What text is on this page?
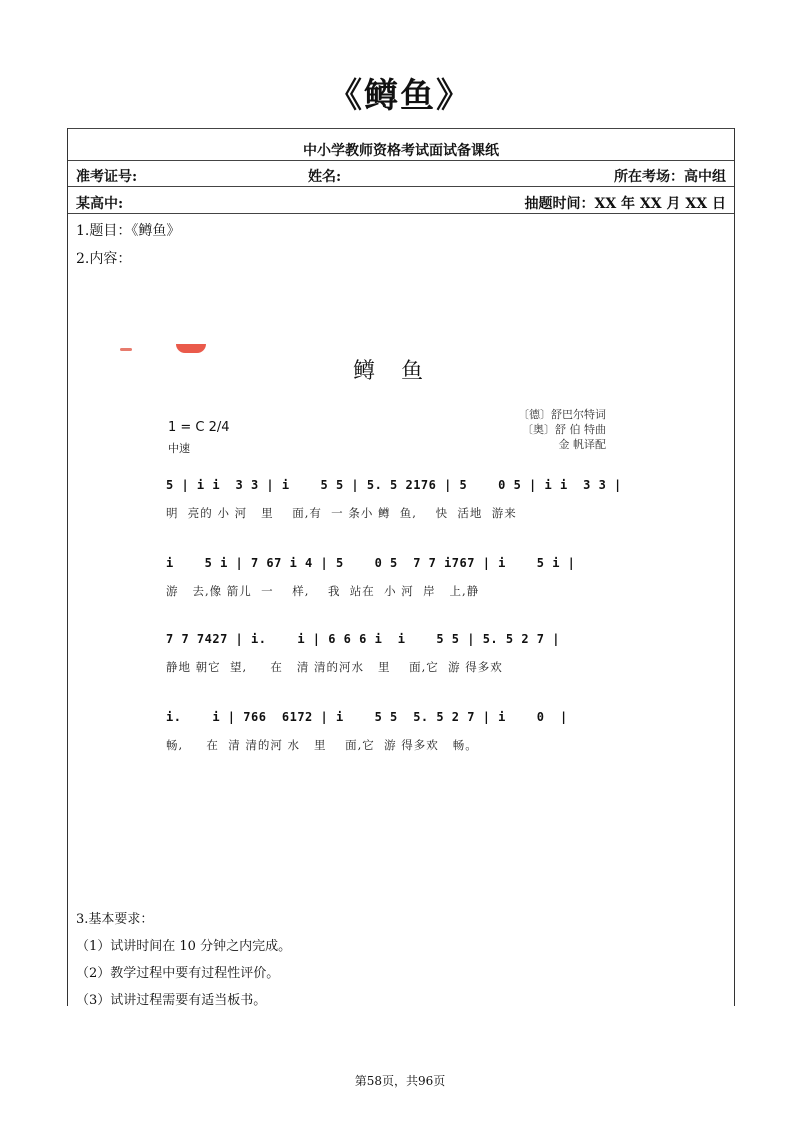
《鳟鱼》
中小学教师资格考试面试备课纸
准考证号:	姓名:	所在考场：高中组
某高中:	抽题时间：XX 年 XX 月 XX 日
1.题目：《鳟鱼》
2.内容：
鳟鱼
1 = C 2/4
中速
〔德〕舒巴尔特词
〔奥〕舒 伯 特曲
金 帆译配
5 | i i  3 3 | i    5 5 | 5. 5 2176 | 5    0 5 | i i  3 3 |
明  亮的 小 河   里    面,有  一 条小 鳟  鱼,    快  活地  游来
i    5 i | 7 67 i 4 | 5    0 5  7 7 i767 | i    5 i |
游   去,像 箭儿  一    样,    我  站在  小 河  岸   上,静
7 7 7427 | i.    i | 6 6 6 i  i    5 5 | 5. 5 2 7 |
静地 朝它  望,     在   清 清的河水   里    面,它  游 得多欢
i.    i | 766  6172 | i    5 5  5. 5 2 7 | i    0  |
畅,     在  清 清的河 水   里    面,它  游 得多欢   畅。
3.基本要求：
（1）试讲时间在 10 分钟之内完成。
（2）教学过程中要有过程性评价。
（3）试讲过程需要有适当板书。
第58页，共96页
